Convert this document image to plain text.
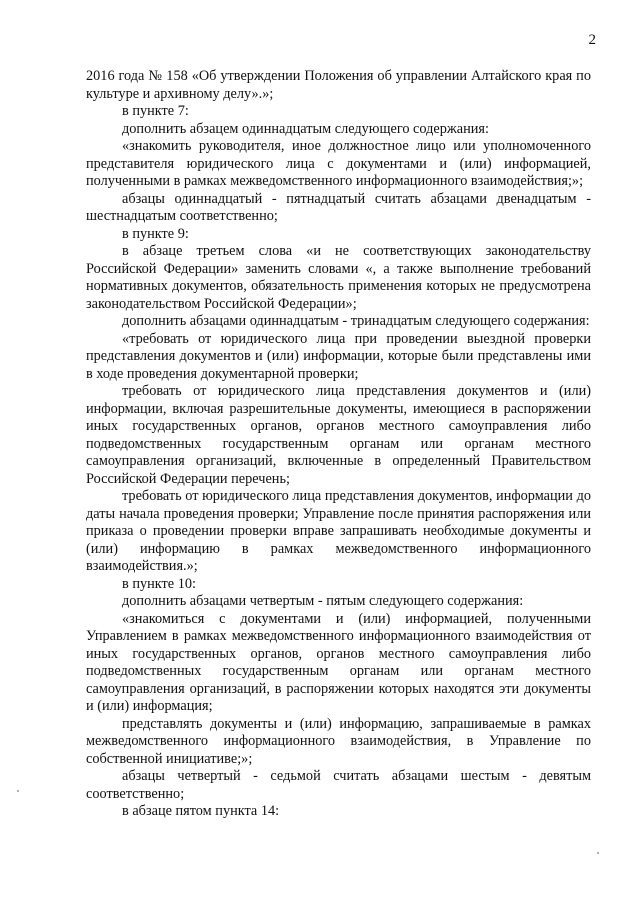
2

2016 года № 158 «Об утверждении Положения об управлении Алтайского края по культуре и архивному делу».»;

в пункте 7:

дополнить абзацем одиннадцатым следующего содержания:

«знакомить руководителя, иное должностное лицо или уполномоченного представителя юридического лица с документами и (или) информацией, полученными в рамках межведомственного информационного взаимодействия;»;

абзацы одиннадцатый - пятнадцатый считать абзацами двенадцатым - шестнадцатым соответственно;

в пункте 9:

в абзаце третьем слова «и не соответствующих законодательству Российской Федерации» заменить словами «, а также выполнение требований нормативных документов, обязательность применения которых не предусмотрена законодательством Российской Федерации»;

дополнить абзацами одиннадцатым - тринадцатым следующего содержания:

«требовать от юридического лица при проведении выездной проверки представления документов и (или) информации, которые были представлены ими в ходе проведения документарной проверки;

требовать от юридического лица представления документов и (или) информации, включая разрешительные документы, имеющиеся в распоряжении иных государственных органов, органов местного самоуправления либо подведомственных государственным органам или органам местного самоуправления организаций, включенные в определенный Правительством Российской Федерации перечень;

требовать от юридического лица представления документов, информации до даты начала проведения проверки; Управление после принятия распоряжения или приказа о проведении проверки вправе запрашивать необходимые документы и (или) информацию в рамках межведомственного информационного взаимодействия.»;

в пункте 10:

дополнить абзацами четвертым - пятым следующего содержания:

«знакомиться с документами и (или) информацией, полученными Управлением в рамках межведомственного информационного взаимодействия от иных государственных органов, органов местного самоуправления либо подведомственных государственным органам или органам местного самоуправления организаций, в распоряжении которых находятся эти документы и (или) информация;

представлять документы и (или) информацию, запрашиваемые в рамках межведомственного информационного взаимодействия, в Управление по собственной инициативе;»;

абзацы четвертый - седьмой считать абзацами шестым - девятым соответственно;

в абзаце пятом пункта 14:
